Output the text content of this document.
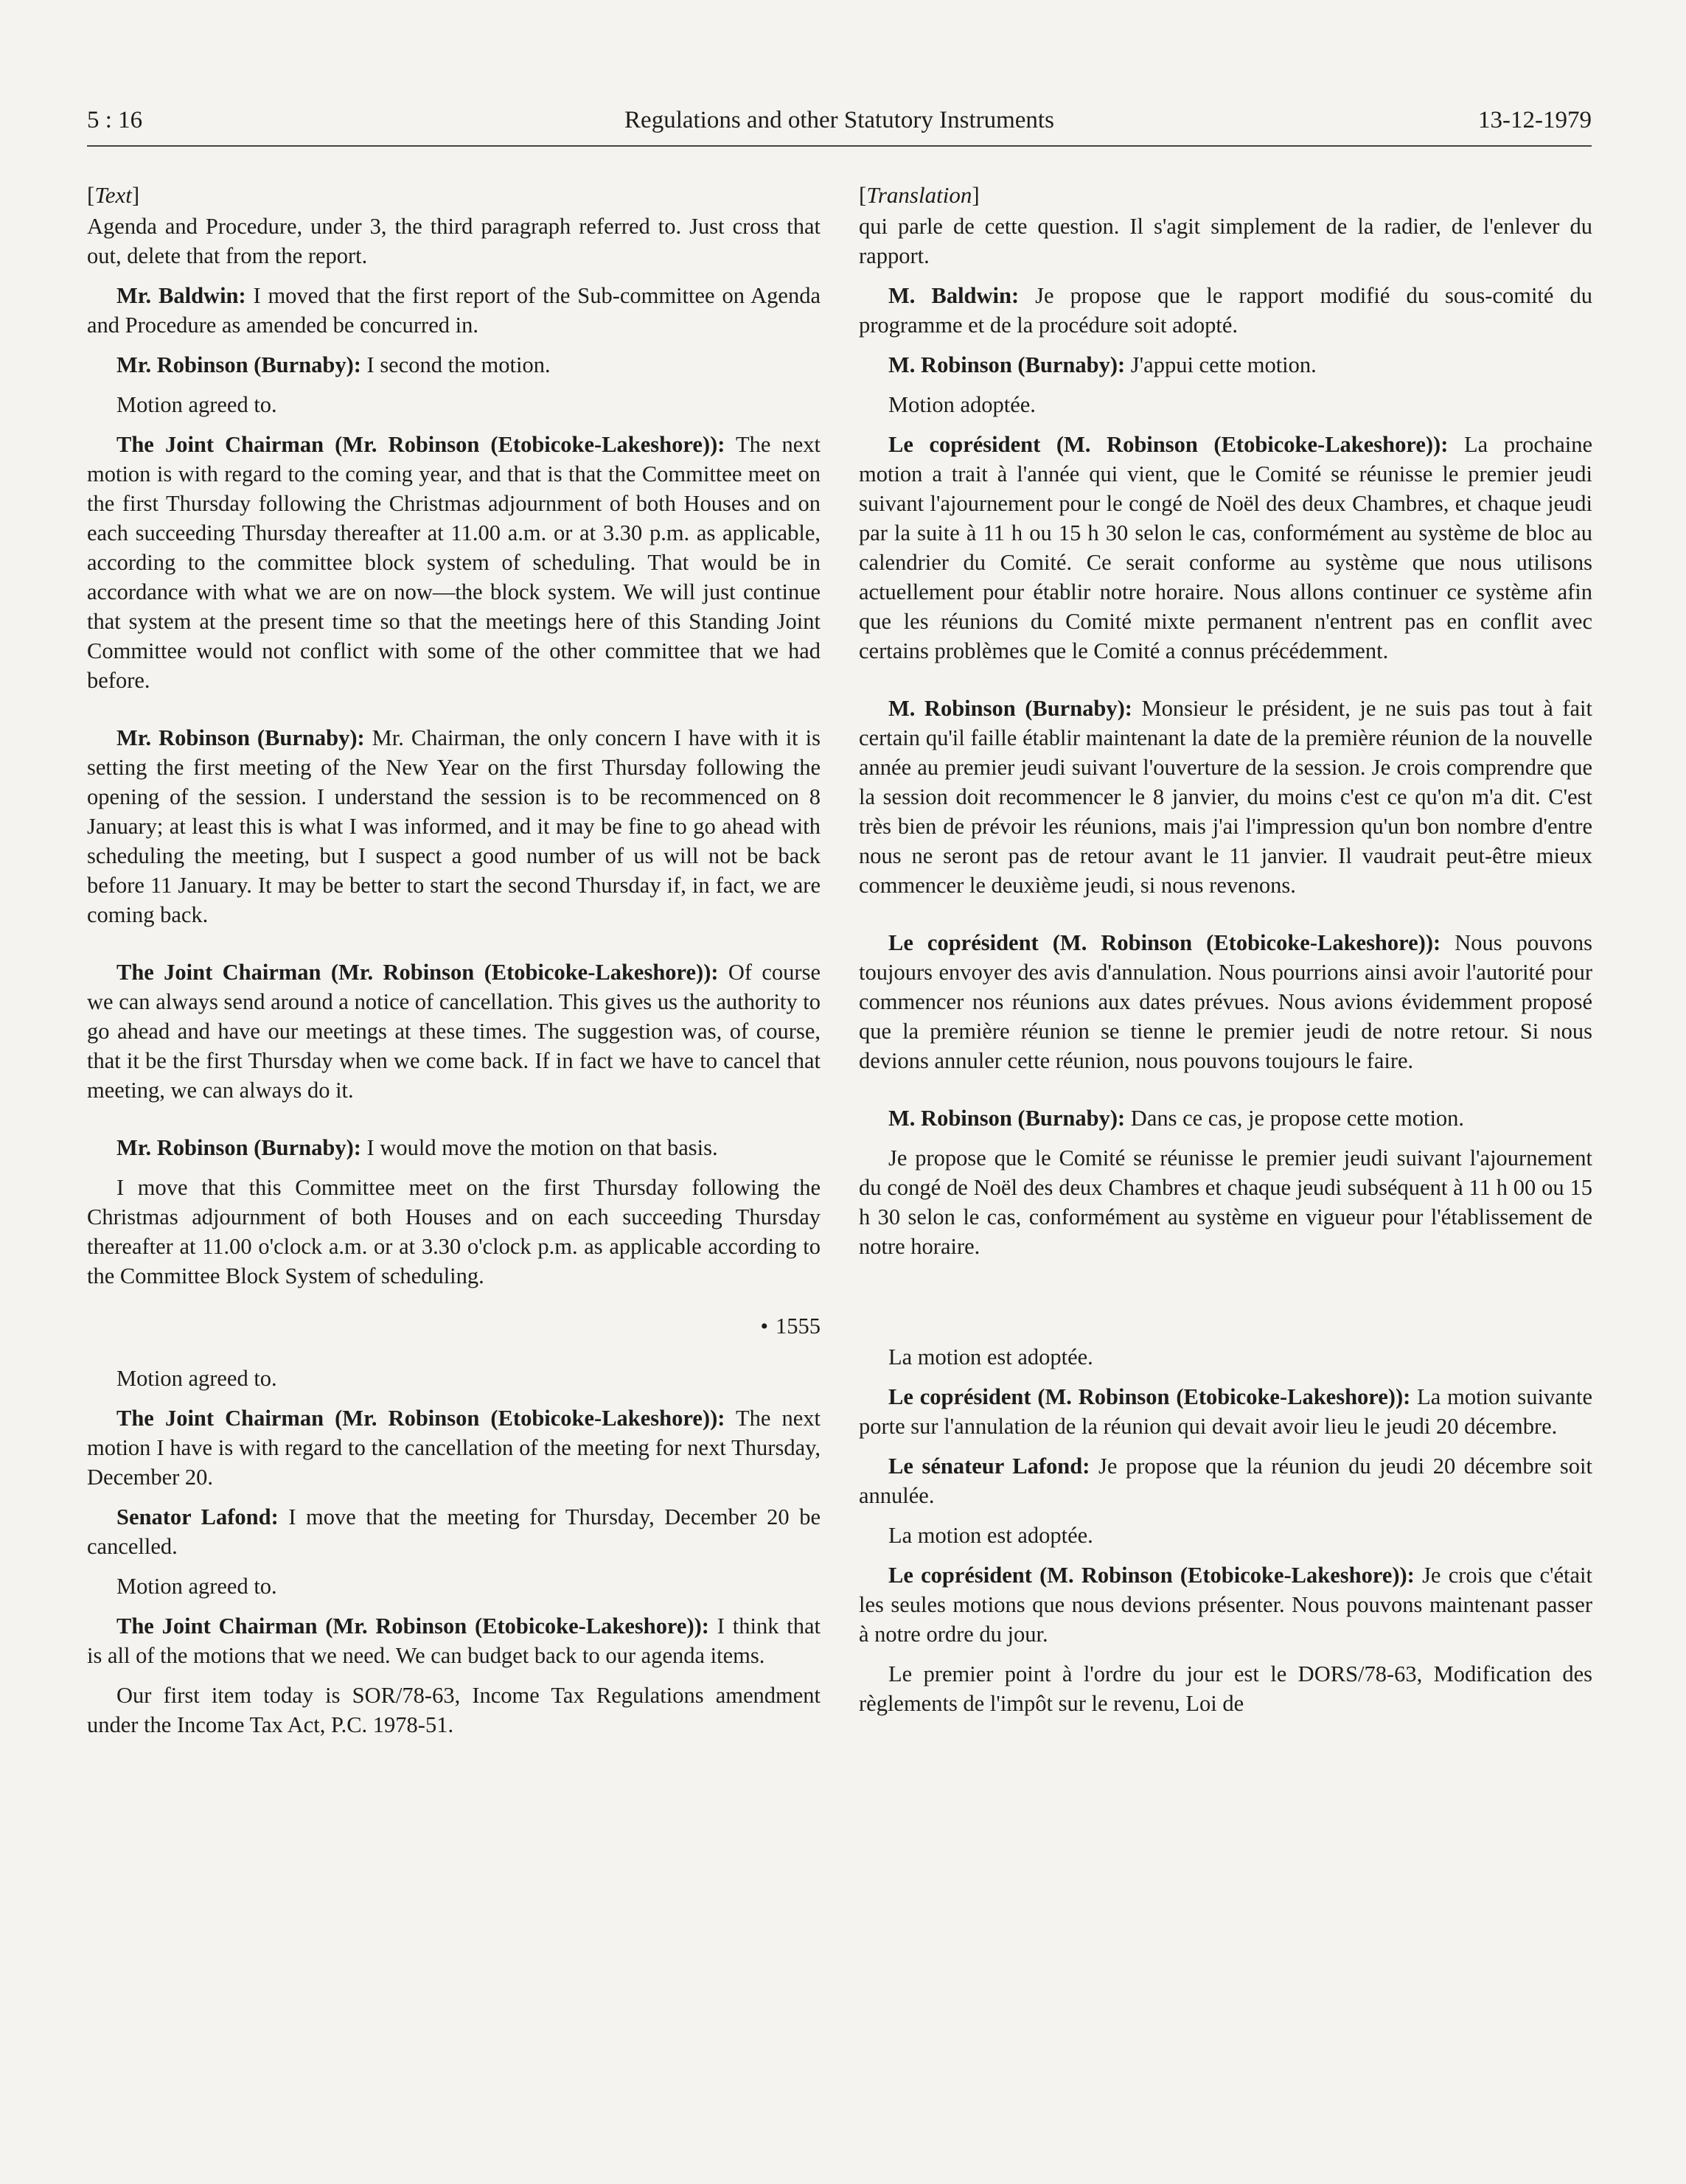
5 : 16	Regulations and other Statutory Instruments	13-12-1979

[Text]

Agenda and Procedure, under 3, the third paragraph referred to. Just cross that out, delete that from the report.

Mr. Baldwin: I moved that the first report of the Sub-committee on Agenda and Procedure as amended be concurred in.

Mr. Robinson (Burnaby): I second the motion.

Motion agreed to.

The Joint Chairman (Mr. Robinson (Etobicoke-Lakeshore)): The next motion is with regard to the coming year, and that is that the Committee meet on the first Thursday following the Christmas adjournment of both Houses and on each succeeding Thursday thereafter at 11.00 a.m. or at 3.30 p.m. as applicable, according to the committee block system of scheduling. That would be in accordance with what we are on now—the block system. We will just continue that system at the present time so that the meetings here of this Standing Joint Committee would not conflict with some of the other committee that we had before.

Mr. Robinson (Burnaby): Mr. Chairman, the only concern I have with it is setting the first meeting of the New Year on the first Thursday following the opening of the session. I understand the session is to be recommenced on 8 January; at least this is what I was informed, and it may be fine to go ahead with scheduling the meeting, but I suspect a good number of us will not be back before 11 January. It may be better to start the second Thursday if, in fact, we are coming back.

The Joint Chairman (Mr. Robinson (Etobicoke-Lakeshore)): Of course we can always send around a notice of cancellation. This gives us the authority to go ahead and have our meetings at these times. The suggestion was, of course, that it be the first Thursday when we come back. If in fact we have to cancel that meeting, we can always do it.

Mr. Robinson (Burnaby): I would move the motion on that basis.

I move that this Committee meet on the first Thursday following the Christmas adjournment of both Houses and on each succeeding Thursday thereafter at 11.00 o'clock a.m. or at 3.30 o'clock p.m. as applicable according to the Committee Block System of scheduling.

• 1555

Motion agreed to.

The Joint Chairman (Mr. Robinson (Etobicoke-Lakeshore)): The next motion I have is with regard to the cancellation of the meeting for next Thursday, December 20.

Senator Lafond: I move that the meeting for Thursday, December 20 be cancelled.

Motion agreed to.

The Joint Chairman (Mr. Robinson (Etobicoke-Lakeshore)): I think that is all of the motions that we need. We can budget back to our agenda items.

Our first item today is SOR/78-63, Income Tax Regulations amendment under the Income Tax Act, P.C. 1978-51.

[Translation]

qui parle de cette question. Il s'agit simplement de la radier, de l'enlever du rapport.

M. Baldwin: Je propose que le rapport modifié du sous-comité du programme et de la procédure soit adopté.

M. Robinson (Burnaby): J'appui cette motion.

Motion adoptée.

Le coprésident (M. Robinson (Etobicoke-Lakeshore)): La prochaine motion a trait à l'année qui vient, que le Comité se réunisse le premier jeudi suivant l'ajournement pour le congé de Noël des deux Chambres, et chaque jeudi par la suite à 11 h ou 15 h 30 selon le cas, conformément au système de bloc au calendrier du Comité. Ce serait conforme au système que nous utilisons actuellement pour établir notre horaire. Nous allons continuer ce système afin que les réunions du Comité mixte permanent n'entrent pas en conflit avec certains problèmes que le Comité a connus précédemment.

M. Robinson (Burnaby): Monsieur le président, je ne suis pas tout à fait certain qu'il faille établir maintenant la date de la première réunion de la nouvelle année au premier jeudi suivant l'ouverture de la session. Je crois comprendre que la session doit recommencer le 8 janvier, du moins c'est ce qu'on m'a dit. C'est très bien de prévoir les réunions, mais j'ai l'impression qu'un bon nombre d'entre nous ne seront pas de retour avant le 11 janvier. Il vaudrait peut-être mieux commencer le deuxième jeudi, si nous revenons.

Le coprésident (M. Robinson (Etobicoke-Lakeshore)): Nous pouvons toujours envoyer des avis d'annulation. Nous pourrions ainsi avoir l'autorité pour commencer nos réunions aux dates prévues. Nous avions évidemment proposé que la première réunion se tienne le premier jeudi de notre retour. Si nous devions annuler cette réunion, nous pouvons toujours le faire.

M. Robinson (Burnaby): Dans ce cas, je propose cette motion.

Je propose que le Comité se réunisse le premier jeudi suivant l'ajournement du congé de Noël des deux Chambres et chaque jeudi subséquent à 11 h 00 ou 15 h 30 selon le cas, conformément au système en vigueur pour l'établissement de notre horaire.

La motion est adoptée.

Le coprésident (M. Robinson (Etobicoke-Lakeshore)): La motion suivante porte sur l'annulation de la réunion qui devait avoir lieu le jeudi 20 décembre.

Le sénateur Lafond: Je propose que la réunion du jeudi 20 décembre soit annulée.

La motion est adoptée.

Le coprésident (M. Robinson (Etobicoke-Lakeshore)): Je crois que c'était les seules motions que nous devions présenter. Nous pouvons maintenant passer à notre ordre du jour.

Le premier point à l'ordre du jour est le DORS/78-63, Modification des règlements de l'impôt sur le revenu, Loi de
